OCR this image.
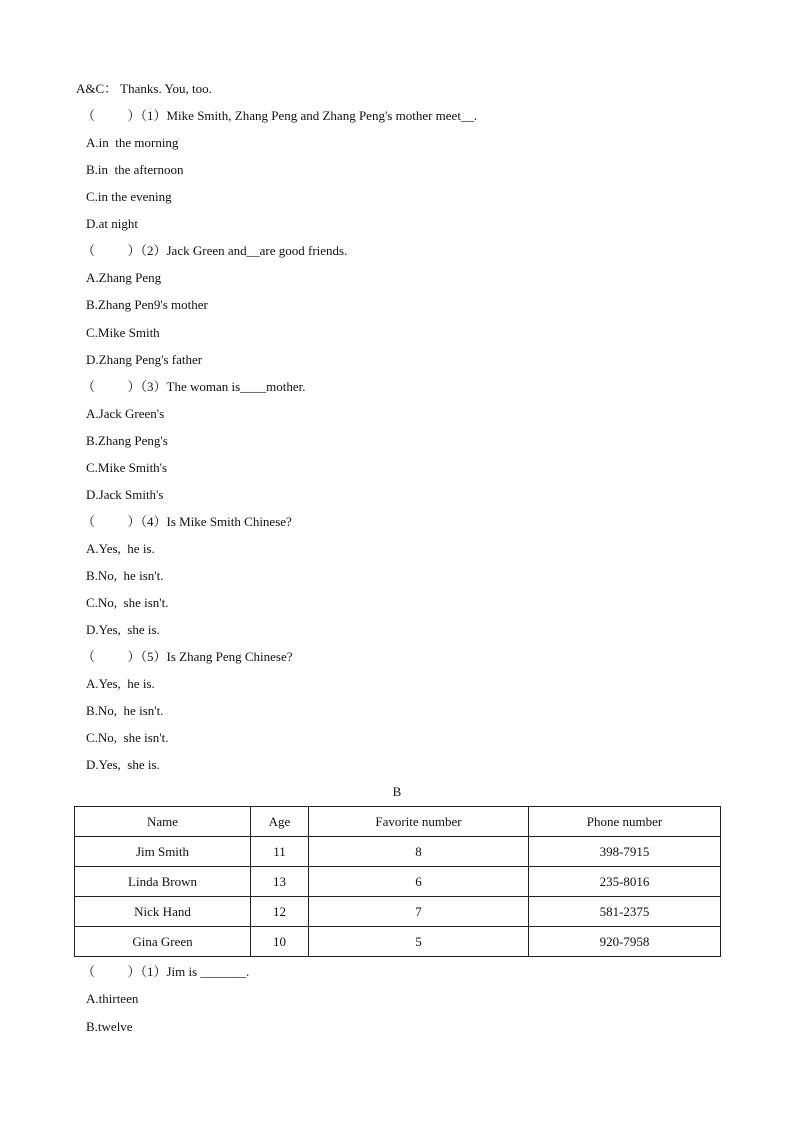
A&C： Thanks. You, too.
（          ）（1）Mike Smith, Zhang Peng and Zhang Peng's mother meet__.
A.in  the morning
B.in  the afternoon
C.in the evening
D.at night
（          ）（2）Jack Green and__are good friends.
A.Zhang Peng
B.Zhang Pen9's mother
C.Mike Smith
D.Zhang Peng's father
（          ）（3）The woman is____mother.
A.Jack Green's
B.Zhang Peng's
C.Mike Smith's
D.Jack Smith's
（          ）（4）Is Mike Smith Chinese?
A.Yes,  he is.
B.No,  he isn't.
C.No,  she isn't.
D.Yes,  she is.
（          ）（5）Is Zhang Peng Chinese?
A.Yes,  he is.
B.No,  he isn't.
C.No,  she isn't.
D.Yes,  she is.
B
Name	Age	Favorite number	Phone number
Jim Smith	11	8	398-7915
Linda Brown	13	6	235-8016
Nick Hand	12	7	581-2375
Gina Green	10	5	920-7958
（          ）（1）Jim is _______.
A.thirteen
B.twelve
